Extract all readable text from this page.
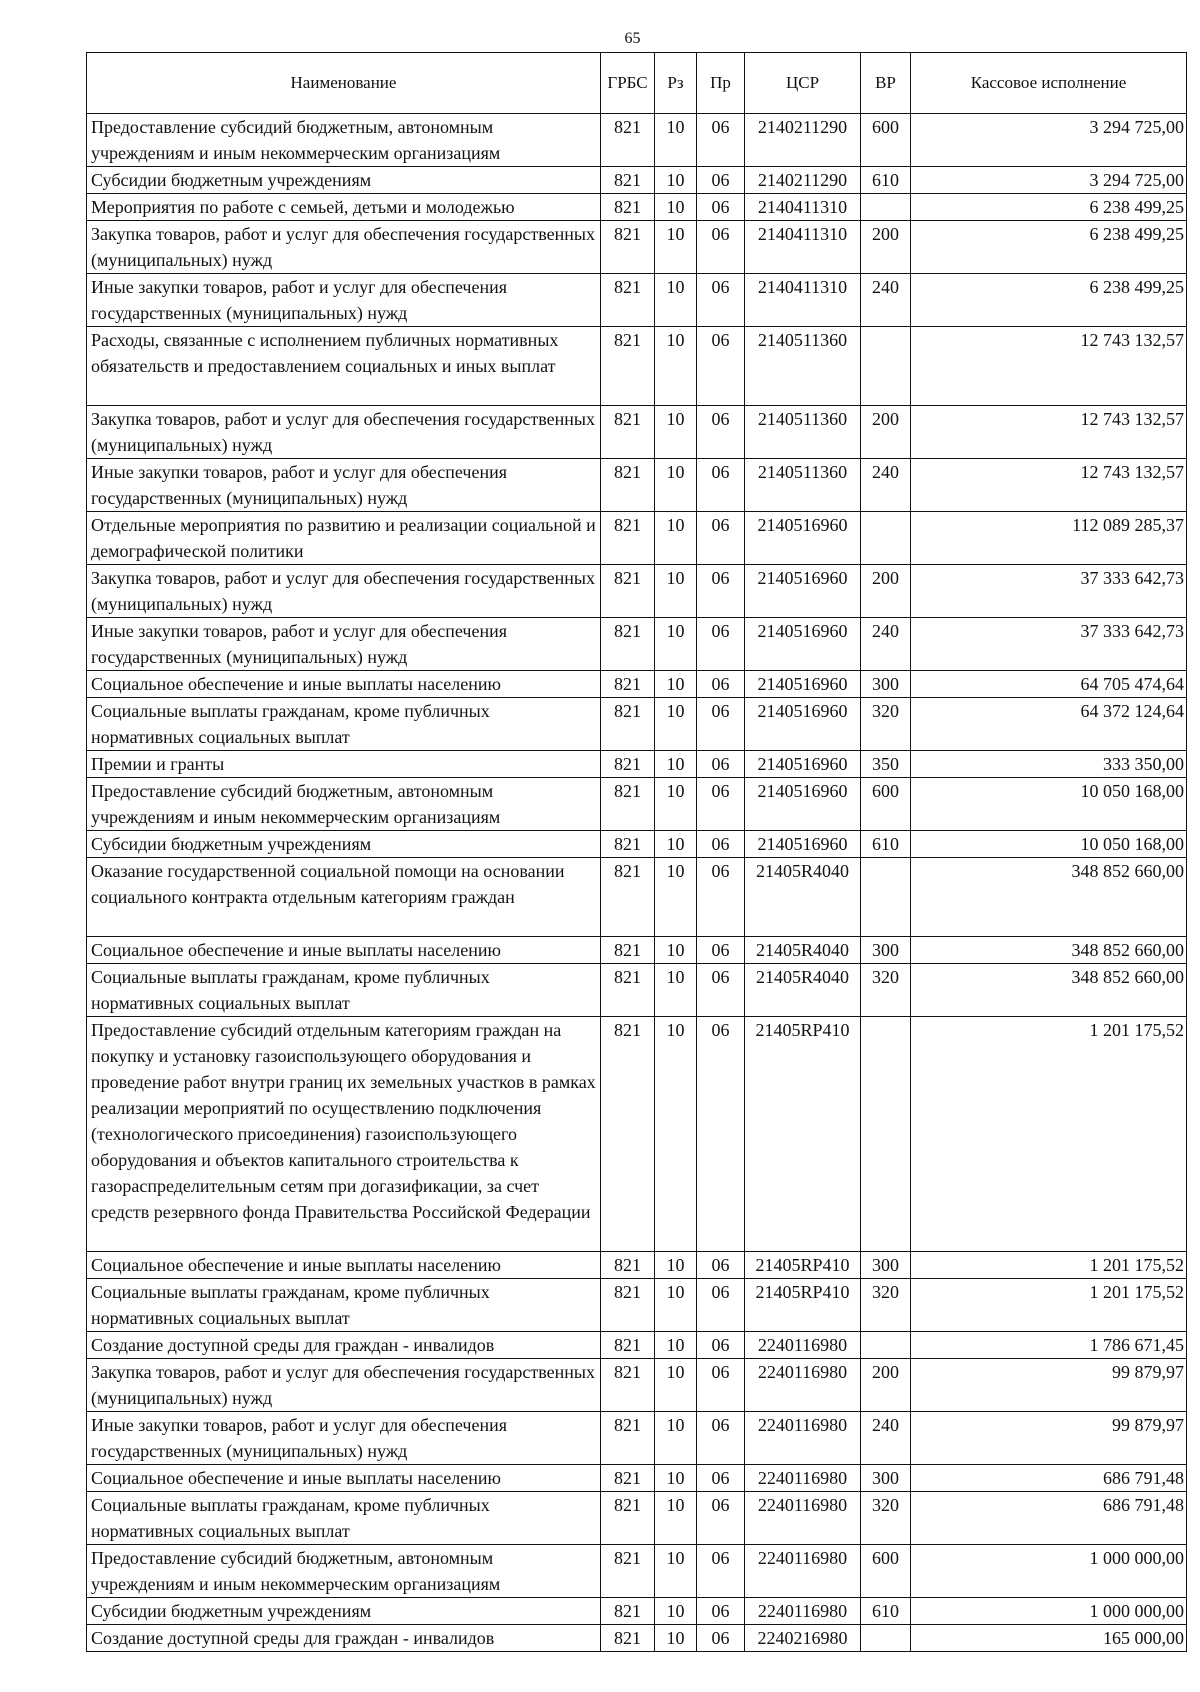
65
Наименование	ГРБС	Рз	Пр	ЦСР	ВР	Кассовое исполнение
Предоставление субсидий бюджетным, автономным учреждениям и иным некоммерческим организациям	821	10	06	2140211290	600	3 294 725,00
Субсидии бюджетным учреждениям	821	10	06	2140211290	610	3 294 725,00
Мероприятия по работе с семьей, детьми и молодежью	821	10	06	2140411310		6 238 499,25
Закупка товаров, работ и услуг для обеспечения государственных (муниципальных) нужд	821	10	06	2140411310	200	6 238 499,25
Иные закупки товаров, работ и услуг для обеспечения государственных (муниципальных) нужд	821	10	06	2140411310	240	6 238 499,25
Расходы, связанные с исполнением публичных нормативных обязательств и предоставлением социальных и иных выплат	821	10	06	2140511360		12 743 132,57
Закупка товаров, работ и услуг для обеспечения государственных (муниципальных) нужд	821	10	06	2140511360	200	12 743 132,57
Иные закупки товаров, работ и услуг для обеспечения государственных (муниципальных) нужд	821	10	06	2140511360	240	12 743 132,57
Отдельные мероприятия по развитию и реализации социальной и демографической политики	821	10	06	2140516960		112 089 285,37
Закупка товаров, работ и услуг для обеспечения государственных (муниципальных) нужд	821	10	06	2140516960	200	37 333 642,73
Иные закупки товаров, работ и услуг для обеспечения государственных (муниципальных) нужд	821	10	06	2140516960	240	37 333 642,73
Социальное обеспечение и иные выплаты населению	821	10	06	2140516960	300	64 705 474,64
Социальные выплаты гражданам, кроме публичных нормативных социальных выплат	821	10	06	2140516960	320	64 372 124,64
Премии и гранты	821	10	06	2140516960	350	333 350,00
Предоставление субсидий бюджетным, автономным учреждениям и иным некоммерческим организациям	821	10	06	2140516960	600	10 050 168,00
Субсидии бюджетным учреждениям	821	10	06	2140516960	610	10 050 168,00
Оказание государственной социальной помощи на основании социального контракта отдельным категориям граждан	821	10	06	21405R4040		348 852 660,00
Социальное обеспечение и иные выплаты населению	821	10	06	21405R4040	300	348 852 660,00
Социальные выплаты гражданам, кроме публичных нормативных социальных выплат	821	10	06	21405R4040	320	348 852 660,00
Предоставление субсидий отдельным категориям граждан на покупку и установку газоиспользующего оборудования и проведение работ внутри границ их земельных участков в рамках реализации мероприятий по осуществлению подключения (технологического присоединения) газоиспользующего оборудования и объектов капитального строительства к газораспределительным сетям при догазификации, за счет средств резервного фонда Правительства Российской Федерации	821	10	06	21405RP410		1 201 175,52
Социальное обеспечение и иные выплаты населению	821	10	06	21405RP410	300	1 201 175,52
Социальные выплаты гражданам, кроме публичных нормативных социальных выплат	821	10	06	21405RP410	320	1 201 175,52
Создание доступной среды для граждан - инвалидов	821	10	06	2240116980		1 786 671,45
Закупка товаров, работ и услуг для обеспечения государственных (муниципальных) нужд	821	10	06	2240116980	200	99 879,97
Иные закупки товаров, работ и услуг для обеспечения государственных (муниципальных) нужд	821	10	06	2240116980	240	99 879,97
Социальное обеспечение и иные выплаты населению	821	10	06	2240116980	300	686 791,48
Социальные выплаты гражданам, кроме публичных нормативных социальных выплат	821	10	06	2240116980	320	686 791,48
Предоставление субсидий бюджетным, автономным учреждениям и иным некоммерческим организациям	821	10	06	2240116980	600	1 000 000,00
Субсидии бюджетным учреждениям	821	10	06	2240116980	610	1 000 000,00
Создание доступной среды для граждан - инвалидов	821	10	06	2240216980		165 000,00
